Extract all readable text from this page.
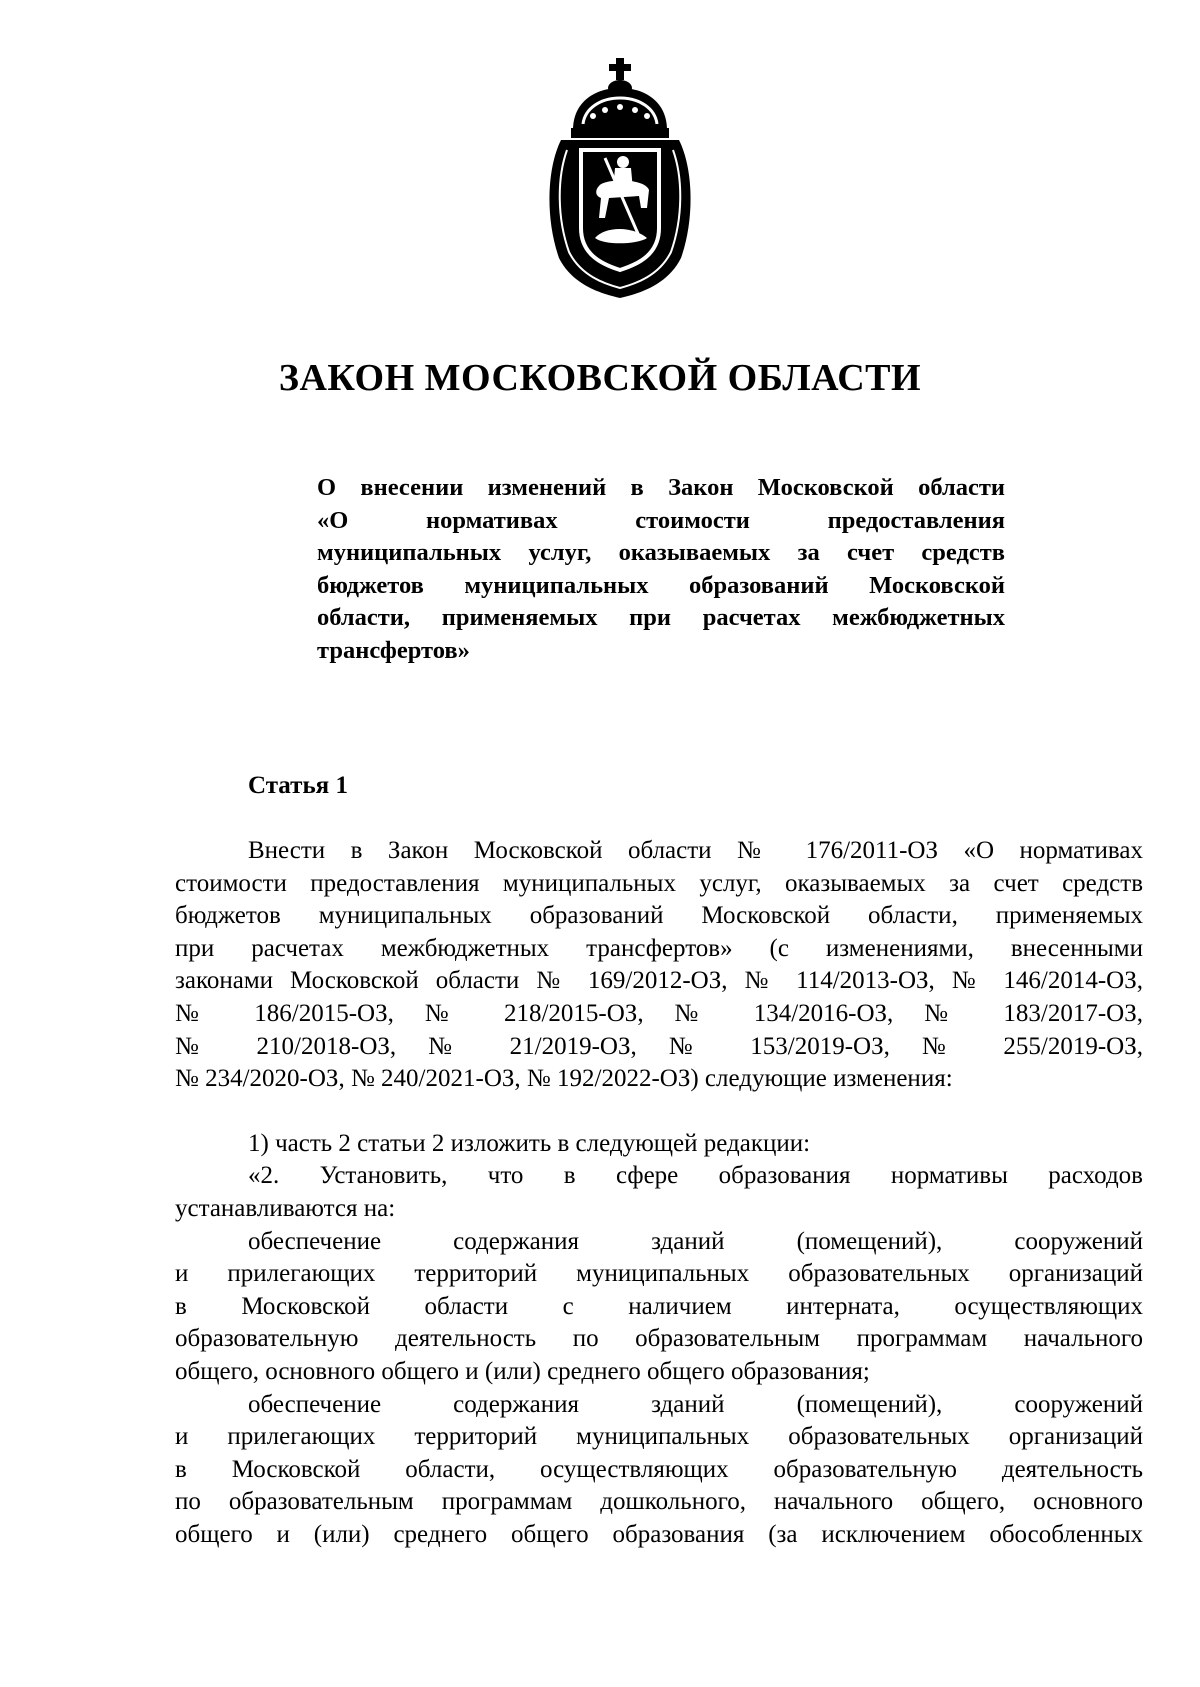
ЗАКОН МОСКОВСКОЙ ОБЛАСТИ
О внесении изменений в Закон Московской области
«О нормативах стоимости предоставления
муниципальных услуг, оказываемых за счет средств
бюджетов муниципальных образований Московской
области, применяемых при расчетах межбюджетных
трансфертов»
Статья 1
Внести в Закон Московской области № 176/2011-ОЗ «О нормативах
стоимости предоставления муниципальных услуг, оказываемых за счет средств
бюджетов муниципальных образований Московской области, применяемых
при расчетах межбюджетных трансфертов» (с изменениями, внесенными
законами Московской области № 169/2012-ОЗ, № 114/2013-ОЗ, № 146/2014-ОЗ,
№ 186/2015-ОЗ, № 218/2015-ОЗ, № 134/2016-ОЗ, № 183/2017-ОЗ,
№ 210/2018-ОЗ, № 21/2019-ОЗ, № 153/2019-ОЗ, № 255/2019-ОЗ,
№ 234/2020-ОЗ, № 240/2021-ОЗ, № 192/2022-ОЗ) следующие изменения:
1) часть 2 статьи 2 изложить в следующей редакции:
«2. Установить, что в сфере образования нормативы расходов
устанавливаются на:
обеспечение содержания зданий (помещений), сооружений
и прилегающих территорий муниципальных образовательных организаций
в Московской области с наличием интерната, осуществляющих
образовательную деятельность по образовательным программам начального
общего, основного общего и (или) среднего общего образования;
обеспечение содержания зданий (помещений), сооружений
и прилегающих территорий муниципальных образовательных организаций
в Московской области, осуществляющих образовательную деятельность
по образовательным программам дошкольного, начального общего, основного
общего и (или) среднего общего образования (за исключением обособленных
